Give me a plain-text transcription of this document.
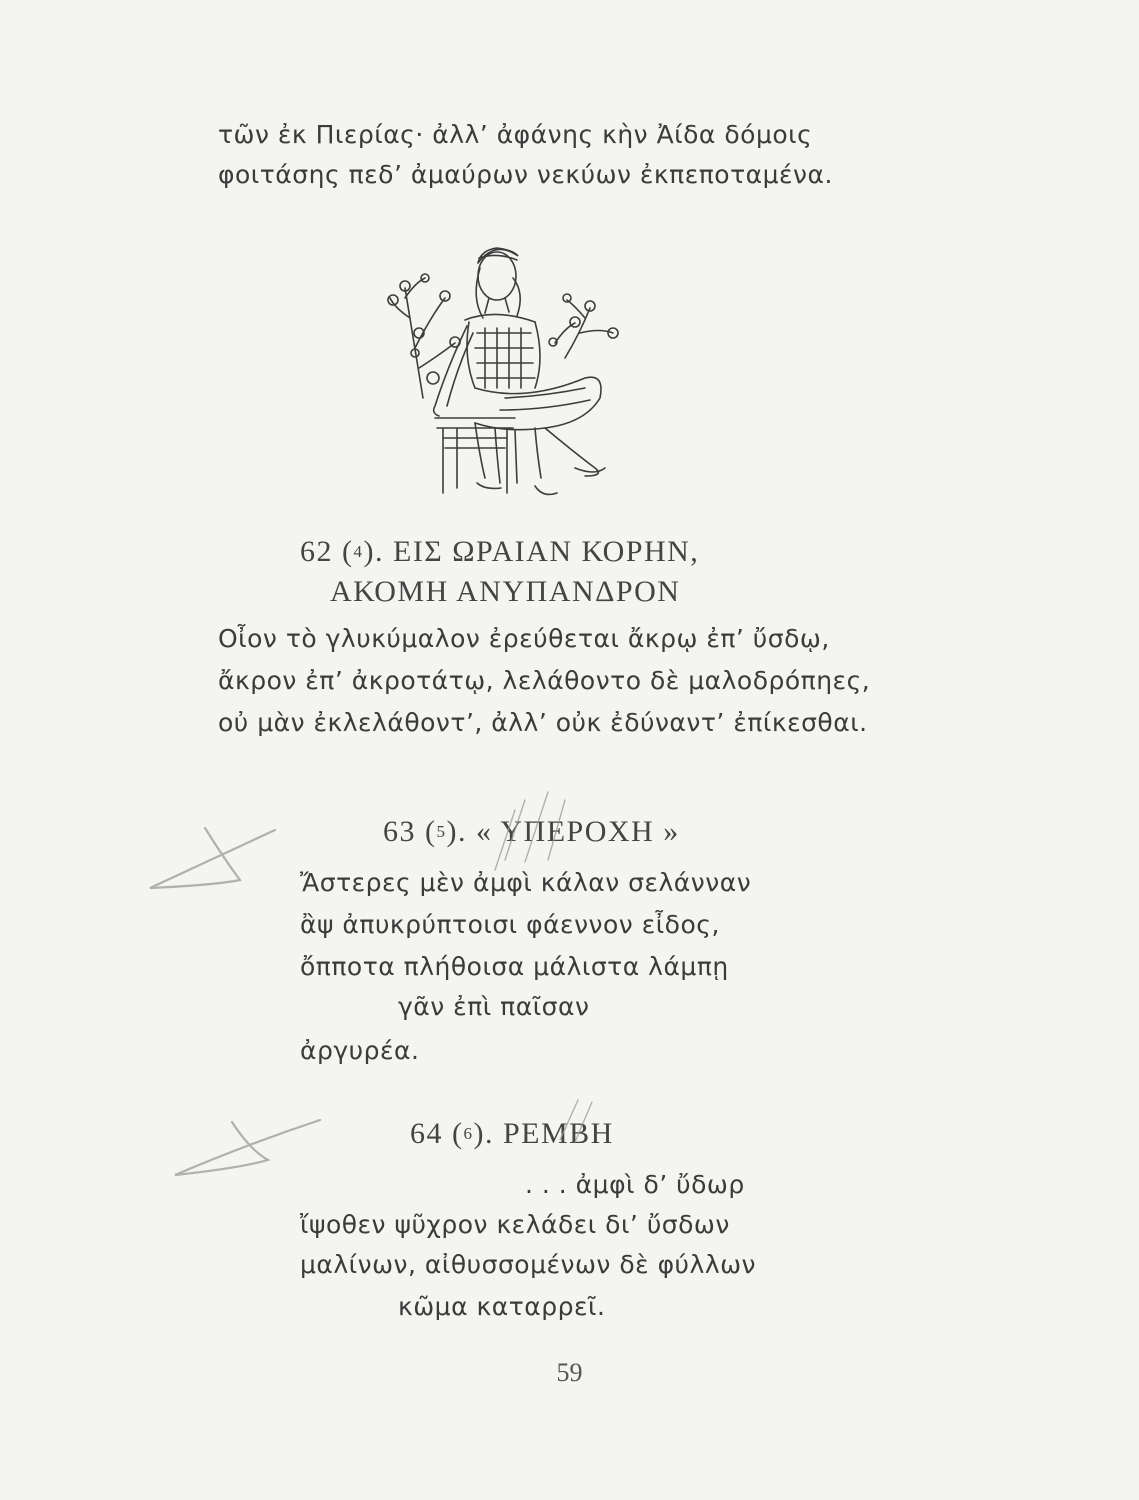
τῶν ἐκ Πιερίας· ἀλλ’ ἀφάνης κὴν Ἀίδα δόμοις
φοιτάσης πεδ’ ἀμαύρων νεκύων ἐκπεποταμένα.
62 (4). ΕΙΣ ΩΡΑΙΑΝ ΚΟΡΗΝ,
ΑΚΟΜΗ ΑΝΥΠΑΝΔΡΟΝ
Οἶον τὸ γλυκύμαλον ἐρεύθεται ἄκρῳ ἐπ’ ὔσδῳ,
ἄκρον ἐπ’ ἀκροτάτῳ, λελάθοντο δὲ μαλοδρόπηες,
οὐ μὰν ἐκλελάθοντ’, ἀλλ’ οὐκ ἐδύναντ’ ἐπίκεσθαι.
63 (5). « ΥΠΕΡΟΧΗ »
Ἄστερες μὲν ἀμφὶ κάλαν σελάνναν
ἂψ ἀπυκρύπτοισι φάεννον εἶδος,
ὄπποτα πλήθοισα μάλιστα λάμπῃ
γᾶν ἐπὶ παῖσαν
ἀργυρέα.
64 (6). ΡΕΜΒΗ
. . . ἀμφὶ δ’ ὔδωρ
ἴψοθεν ψῦχρον κελάδει δι’ ὔσδων
μαλίνων, αἰθυσσομένων δὲ φύλλων
κῶμα καταρρεῖ.
59
